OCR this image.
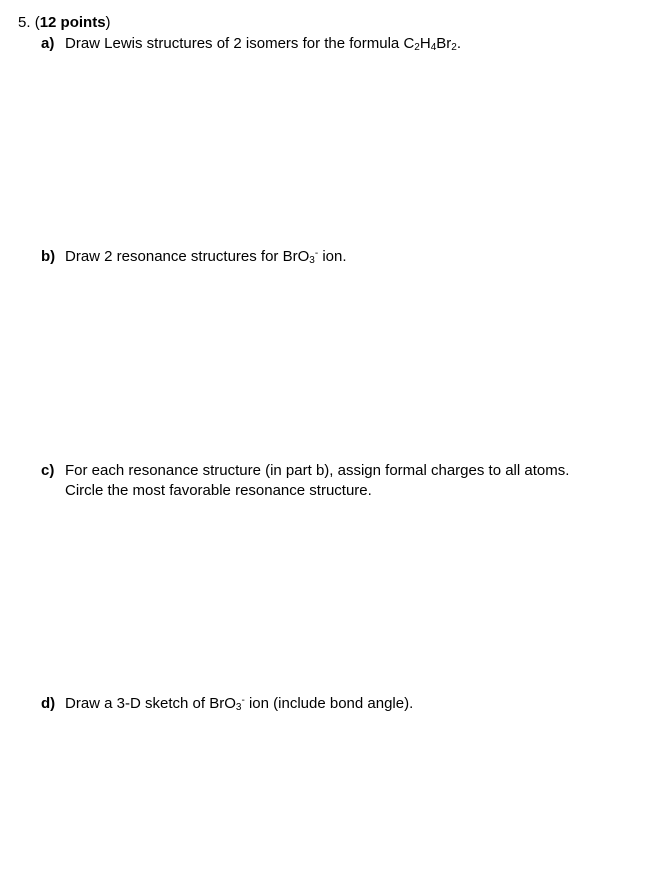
5. (12 points)
a) Draw Lewis structures of 2 isomers for the formula $C_2H_4Br_2$.
b) Draw 2 resonance structures for BrO$_3$- ion.
c) For each resonance structure (in part b), assign formal charges to all atoms.
Circle the most favorable resonance structure.
d) Draw a 3-D sketch of BrO$_3$- ion (include bond angle).
